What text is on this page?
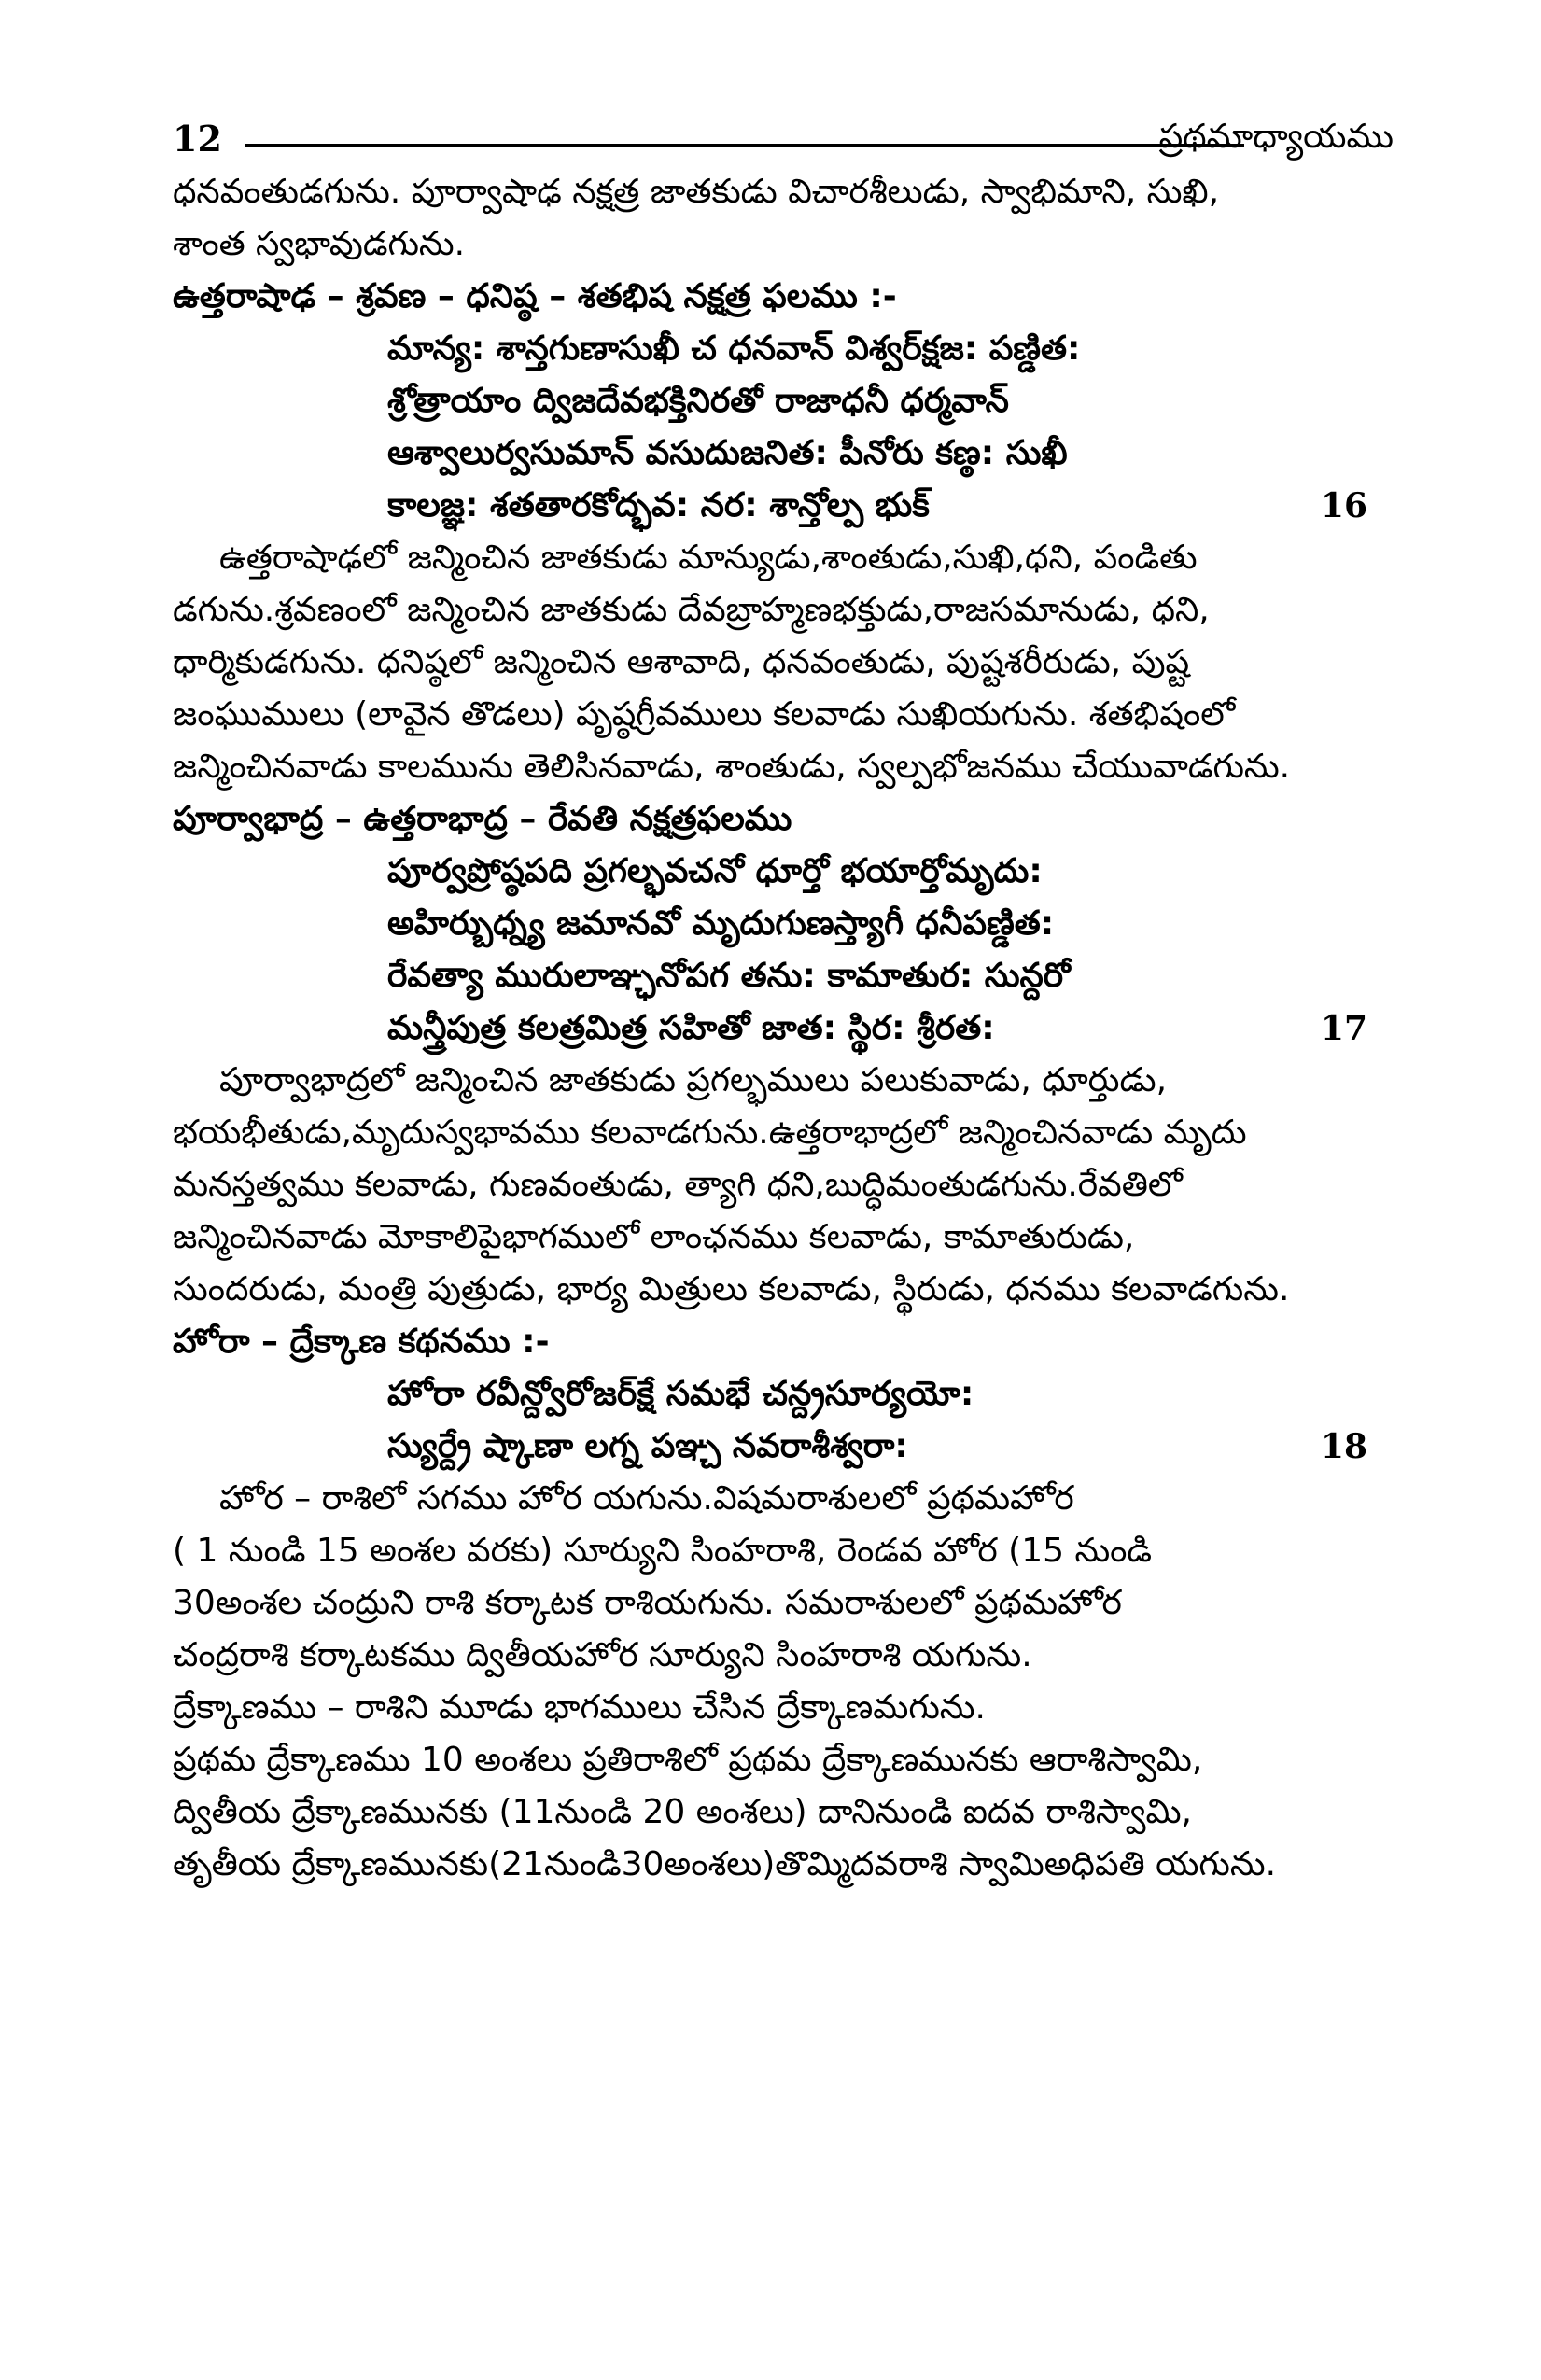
12	ప్రథమాధ్యాయము
ధనవంతుడగును. పూర్వాషాఢ నక్షత్ర జాతకుడు విచారశీలుడు, స్వాభిమాని, సుఖి,
శాంత స్వభావుడగును.
ఉత్తరాషాఢ – శ్రవణ – ధనిష్ఠ – శతభిష నక్షత్ర ఫలము :-
మాన్య: శాన్తగుణాసుఖీ చ ధనవాన్ విశ్వర్‌క్షజ: పణ్డిత:
శ్రోత్రాయాం ద్విజదేవభక్తినిరతో రాజాధనీ ధర్మవాన్
ఆశ్వాలుర్వసుమాన్ వసుదుజనిత: పీనోరు కణ్ఠ: సుఖీ
కాలజ్ఞ: శతతారకోద్భవ: నర: శాన్తోల్ప భుక్	16
ఉత్తరాషాఢలో జన్మించిన జాతకుడు మాన్యుడు,శాంతుడు,సుఖి,ధని, పండితు
డగును.శ్రవణంలో జన్మించిన జాతకుడు దేవబ్రాహ్మణభక్తుడు,రాజసమానుడు, ధని,
ధార్మికుడగును. ధనిష్ఠలో జన్మించిన ఆశావాది, ధనవంతుడు, పుష్టశరీరుడు, పుష్ట
జంఘుములు (లావైన తొడలు) పృష్ఠగ్రీవములు కలవాడు సుఖియగును. శతభిషంలో
జన్మించినవాడు కాలమును తెలిసినవాడు, శాంతుడు, స్వల్పభోజనము చేయువాడగును.
పూర్వాభాద్ర – ఉత్తరాభాద్ర – రేవతి నక్షత్రఫలము
పూర్వప్రోష్ఠపది ప్రగల్భవచనో ధూర్తో భయార్తోమృదు:
అహిర్బుధ్న్య జమానవో మృదుగుణస్త్యాగీ ధనీపణ్డిత:
రేవత్యా మురులాఞ్ఛనోపగ తను: కామాతుర: సున్దరో
మన్త్రీపుత్ర కలత్రమిత్ర సహితో జాత: స్థిర: శ్రీరత:	17
పూర్వాభాద్రలో జన్మించిన జాతకుడు ప్రగల్భములు పలుకువాడు, ధూర్తుడు,
భయభీతుడు,మృదుస్వభావము కలవాడగును.ఉత్తరాభాద్రలో జన్మించినవాడు మృదు
మనస్తత్వము కలవాడు, గుణవంతుడు, త్యాగి ధని,బుద్ధిమంతుడగును.రేవతిలో
జన్మించినవాడు మోకాలిపైభాగములో లాంఛనము కలవాడు, కామాతురుడు,
సుందరుడు, మంత్రి పుత్రుడు, భార్య మిత్రులు కలవాడు, స్థిరుడు, ధనము కలవాడగును.
హోరా – ద్రేక్కాణ కథనము :-
హోరా రవీన్ద్వోరోజర్‌క్షే సమభే చన్ద్రసూర్యయో:
స్యుర్ద్రే ష్కాణా లగ్న పఞ్చ నవరాశీశ్వరా:	18
హోర – రాశిలో సగము హోర యగును.విషమరాశులలో ప్రథమహోర
( 1 నుండి 15 అంశల వరకు) సూర్యుని సింహరాశి, రెండవ హోర (15 నుండి
30అంశల చంద్రుని రాశి కర్కాటక రాశియగును. సమరాశులలో ప్రథమహోర
చంద్రరాశి కర్కాటకము ద్వితీయహోర సూర్యుని సింహరాశి యగును.
ద్రేక్కాణము – రాశిని మూడు భాగములు చేసిన ద్రేక్కాణమగును.
ప్రథమ ద్రేక్కాణము 10 అంశలు ప్రతిరాశిలో ప్రథమ ద్రేక్కాణమునకు ఆరాశిస్వామి,
ద్వితీయ ద్రేక్కాణమునకు (11నుండి 20 అంశలు) దానినుండి ఐదవ రాశిస్వామి,
తృతీయ ద్రేక్కాణమునకు(21నుండి30అంశలు)తొమ్మిదవరాశి స్వామిఅధిపతి యగును.
